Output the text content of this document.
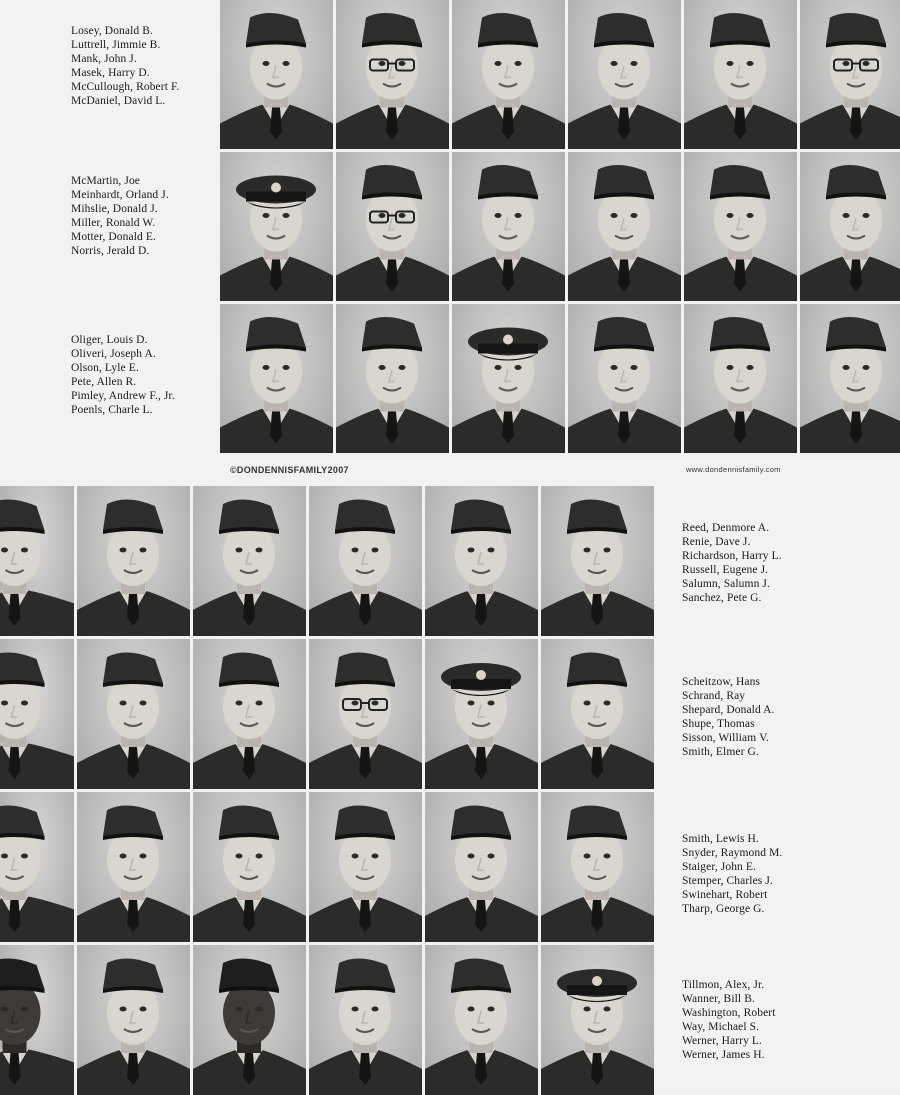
Losey, Donald B.
Luttrell, Jimmie B.
Mank, John J.
Masek, Harry D.
McCullough, Robert F.
McDaniel, David L.
McMartin, Joe
Meinhardt, Orland J.
Mihslie, Donald J.
Miller, Ronald W.
Motter, Donald E.
Norris, Jerald D.
Oliger, Louis D.
Oliveri, Joseph A.
Olson, Lyle E.
Pete, Allen R.
Pimley, Andrew F., Jr.
Poenls, Charle L.
©DONDENNISFAMILY2007	www.dondennisfamily.com
Reed, Denmore A.
Renie, Dave J.
Richardson, Harry L.
Russell, Eugene J.
Salumn, Salumn J.
Sanchez, Pete G.
Scheitzow, Hans
Schrand, Ray
Shepard, Donald A.
Shupe, Thomas
Sisson, William V.
Smith, Elmer G.
Smith, Lewis H.
Snyder, Raymond M.
Staiger, John E.
Stemper, Charles J.
Swinehart, Robert
Tharp, George G.
Tillmon, Alex, Jr.
Wanner, Bill B.
Washington, Robert
Way, Michael S.
Werner, Harry L.
Werner, James H.
